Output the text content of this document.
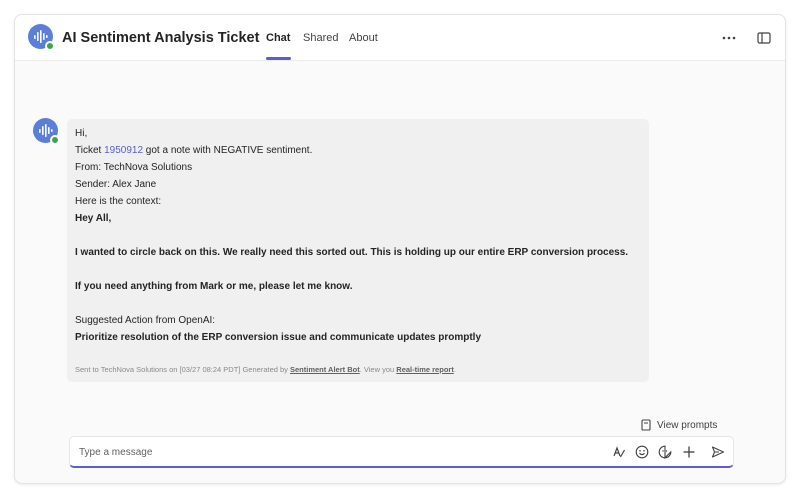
AI Sentiment Analysis Ticket Chat Shared About
Hi,
Ticket 1950912 got a note with NEGATIVE sentiment.
From: TechNova Solutions
Sender: Alex Jane
Here is the context:
Hey All,
I wanted to circle back on this. We really need this sorted out. This is holding up our entire ERP conversion process.
If you need anything from Mark or me, please let me know.
Suggested Action from OpenAI:
Prioritize resolution of the ERP conversion issue and communicate updates promptly
Sent to TechNova Solutions on [03/27 08:24 PDT] Generated by Sentiment Alert Bot. View you Real-time report.
View prompts
Type a message
